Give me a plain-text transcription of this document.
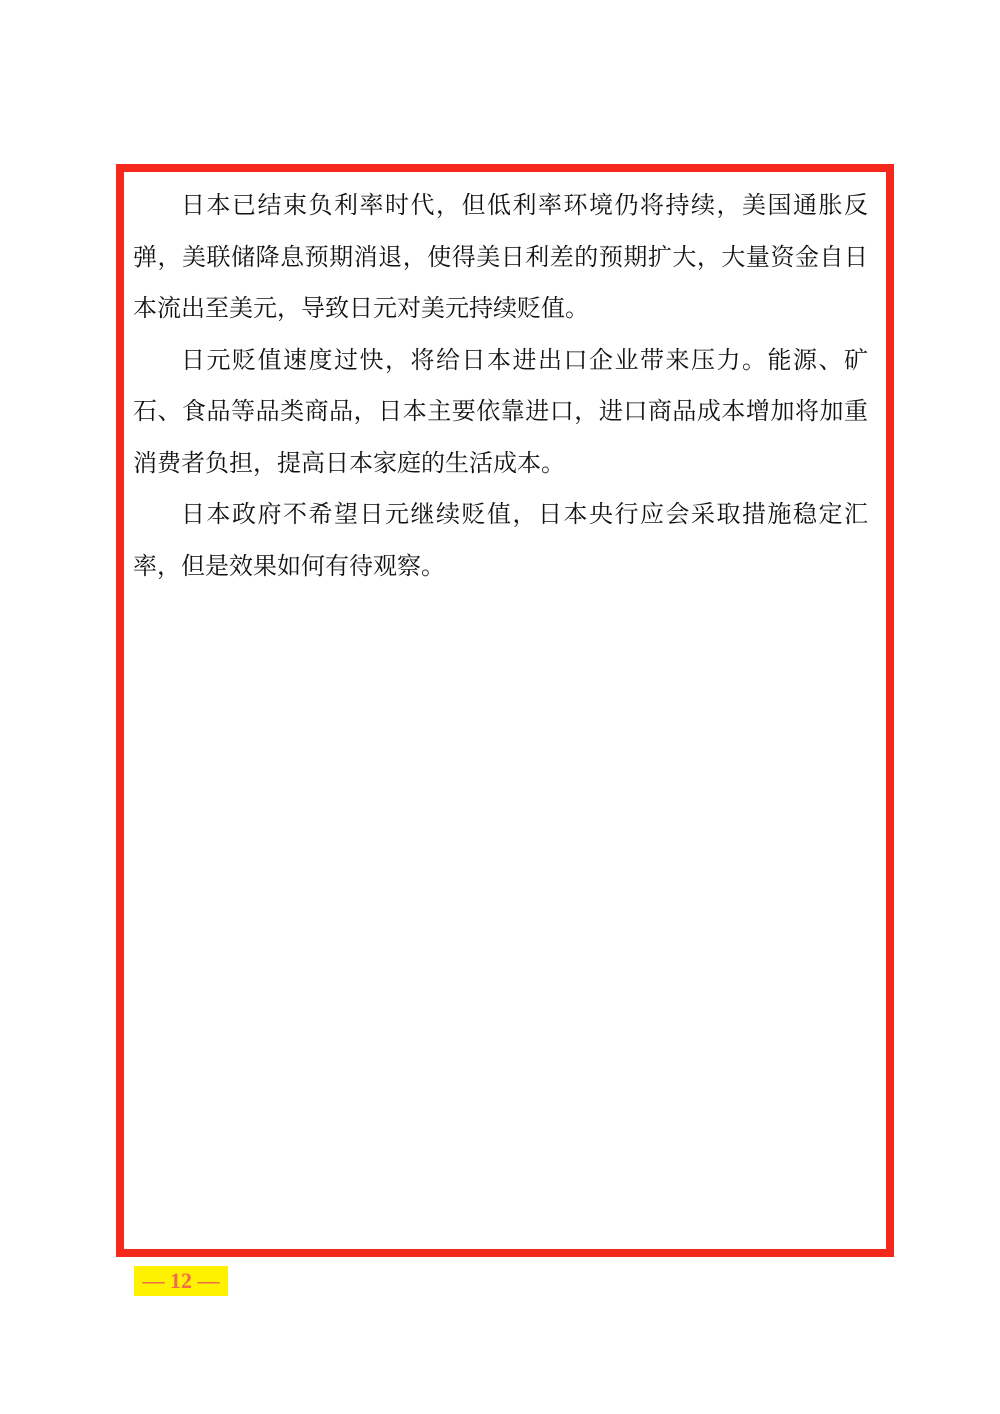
日本已结束负利率时代，但低利率环境仍将持续，美国通胀反弹，美联储降息预期消退，使得美日利差的预期扩大，大量资金自日本流出至美元，导致日元对美元持续贬值。

日元贬值速度过快，将给日本进出口企业带来压力。能源、矿石、食品等品类商品，日本主要依靠进口，进口商品成本增加将加重消费者负担，提高日本家庭的生活成本。

日本政府不希望日元继续贬值，日本央行应会采取措施稳定汇率，但是效果如何有待观察。

— 12 —
